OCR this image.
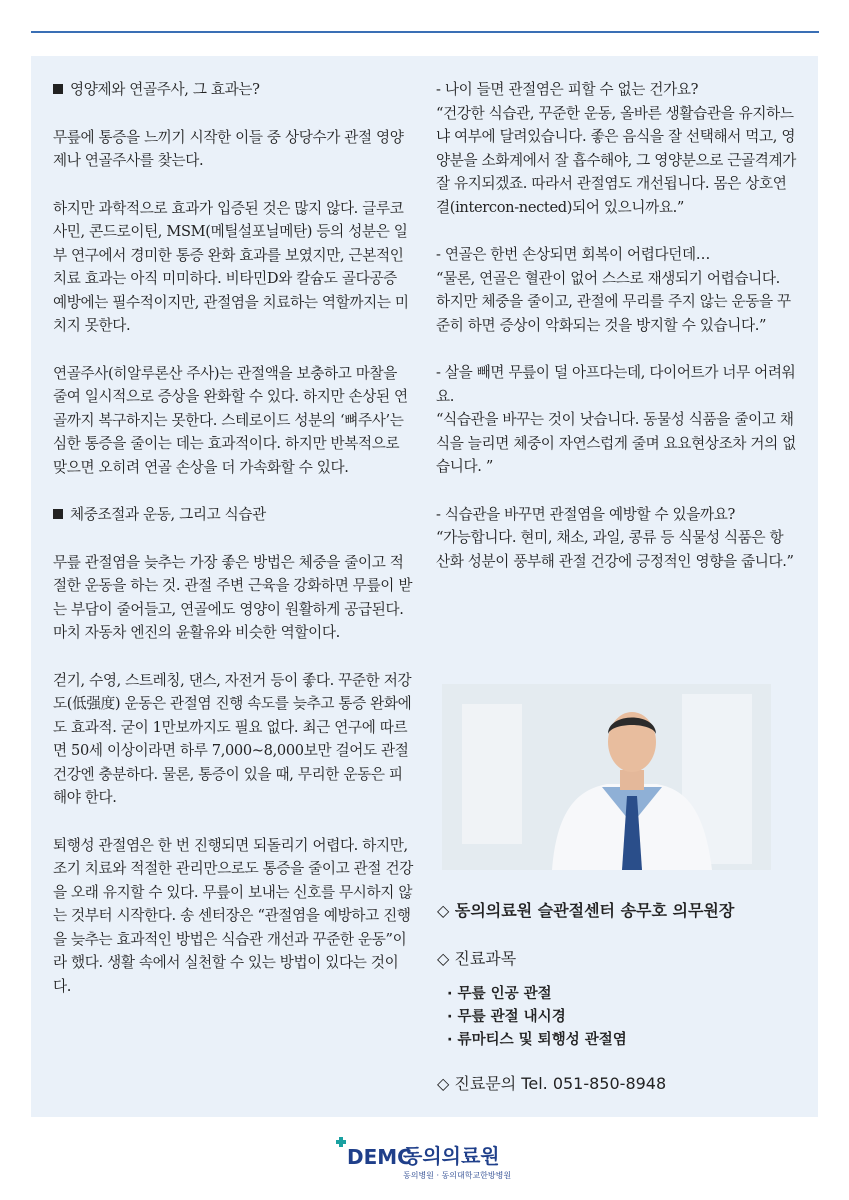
영양제와 연골주사, 그 효과는?

무릎에 통증을 느끼기 시작한 이들 중 상당수가 관절 영양제나 연골주사를 찾는다.

하지만 과학적으로 효과가 입증된 것은 많지 않다. 글루코사민, 콘드로이틴, MSM(메틸설포닐메탄) 등의 성분은 일부 연구에서 경미한 통증 완화 효과를 보였지만, 근본적인 치료 효과는 아직 미미하다. 비타민D와 칼슘도 골다공증 예방에는 필수적이지만, 관절염을 치료하는 역할까지는 미치지 못한다.

연골주사(히알루론산 주사)는 관절액을 보충하고 마찰을 줄여 일시적으로 증상을 완화할 수 있다. 하지만 손상된 연골까지 복구하지는 못한다. 스테로이드 성분의 ‘뼈주사’는 심한 통증을 줄이는 데는 효과적이다. 하지만 반복적으로 맞으면 오히려 연골 손상을 더 가속화할 수 있다.

체중조절과 운동, 그리고 식습관

무릎 관절염을 늦추는 가장 좋은 방법은 체중을 줄이고 적절한 운동을 하는 것. 관절 주변 근육을 강화하면 무릎이 받는 부담이 줄어들고, 연골에도 영양이 원활하게 공급된다. 마치 자동차 엔진의 윤활유와 비슷한 역할이다.

걷기, 수영, 스트레칭, 댄스, 자전거 등이 좋다. 꾸준한 저강도(低强度) 운동은 관절염 진행 속도를 늦추고 통증 완화에도 효과적. 굳이 1만보까지도 필요 없다. 최근 연구에 따르면 50세 이상이라면 하루 7,000~8,000보만 걸어도 관절 건강엔 충분하다. 물론, 통증이 있을 때, 무리한 운동은 피해야 한다.

퇴행성 관절염은 한 번 진행되면 되돌리기 어렵다. 하지만, 조기 치료와 적절한 관리만으로도 통증을 줄이고 관절 건강을 오래 유지할 수 있다. 무릎이 보내는 신호를 무시하지 않는 것부터 시작한다. 송 센터장은 “관절염을 예방하고 진행을 늦추는 효과적인 방법은 식습관 개선과 꾸준한 운동”이라 했다. 생활 속에서 실천할 수 있는 방법이 있다는 것이다.

- 나이 들면 관절염은 피할 수 없는 건가요?
“건강한 식습관, 꾸준한 운동, 올바른 생활습관을 유지하느냐 여부에 달려있습니다. 좋은 음식을 잘 선택해서 먹고, 영양분을 소화계에서 잘 흡수해야, 그 영양분으로 근골격계가 잘 유지되겠죠. 따라서 관절염도 개선됩니다. 몸은 상호연결(intercon-nected)되어 있으니까요.”
- 연골은 한번 손상되면 회복이 어렵다던데…
“물론, 연골은 혈관이 없어 스스로 재생되기 어렵습니다. 하지만 체중을 줄이고, 관절에 무리를 주지 않는 운동을 꾸준히 하면 증상이 악화되는 것을 방지할 수 있습니다.”
- 살을 빼면 무릎이 덜 아프다는데, 다이어트가 너무 어려워요.
“식습관을 바꾸는 것이 낫습니다. 동물성 식품을 줄이고 채식을 늘리면 체중이 자연스럽게 줄며 요요현상조차 거의 없습니다. ”
- 식습관을 바꾸면 관절염을 예방할 수 있을까요?
“가능합니다. 현미, 채소, 과일, 콩류 등 식물성 식품은 항산화 성분이 풍부해 관절 건강에 긍정적인 영향을 줍니다.”
◇ 동의의료원 슬관절센터 송무호 의무원장
◇ 진료과목
· 무릎 인공 관절
· 무릎 관절 내시경
· 류마티스 및 퇴행성 관절염
◇ 진료문의 Tel. 051-850-8948
DEMC
동의의료원
동의병원 · 동의대학교한방병원
